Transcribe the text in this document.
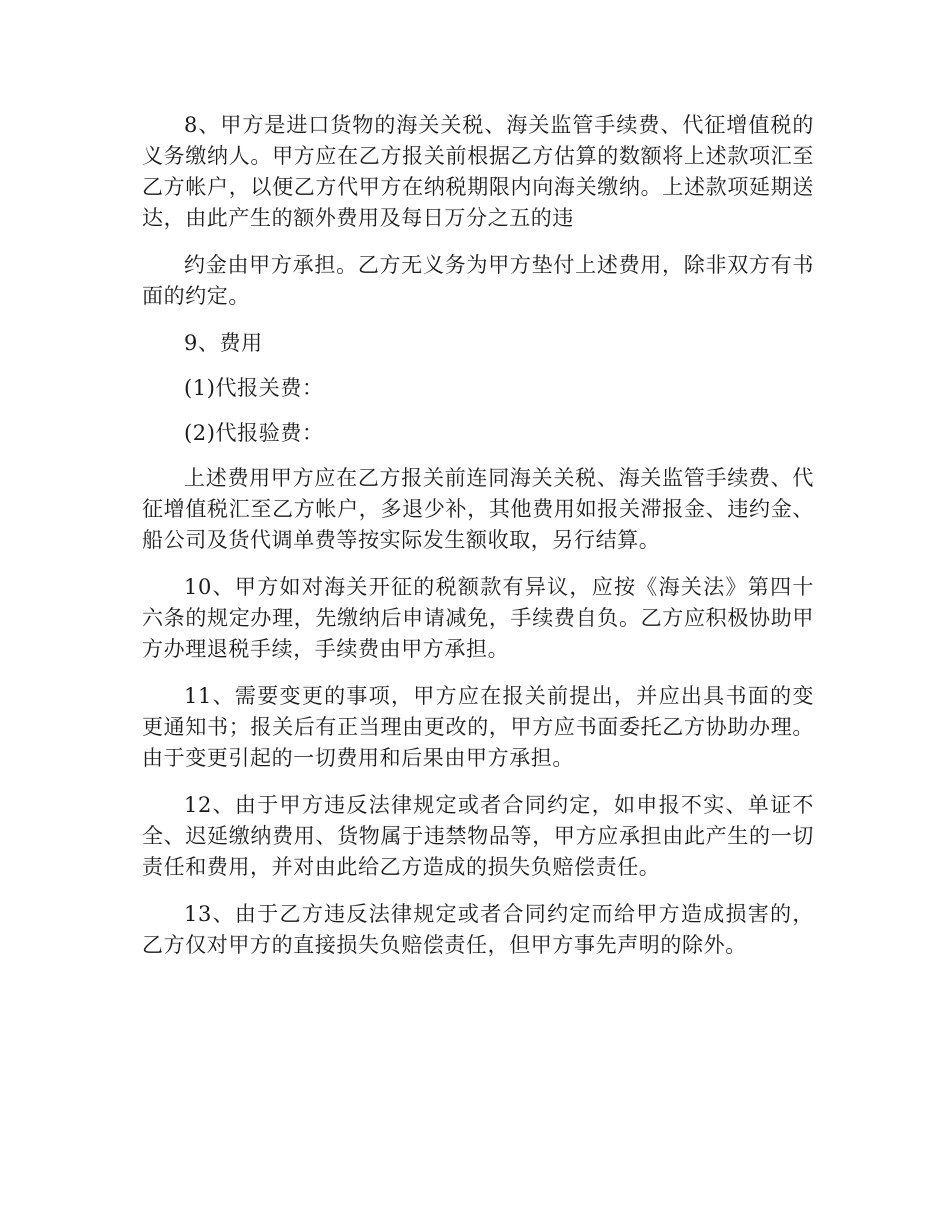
8、甲方是进口货物的海关关税、海关监管手续费、代征增值税的义务缴纳人。甲方应在乙方报关前根据乙方估算的数额将上述款项汇至乙方帐户，以便乙方代甲方在纳税期限内向海关缴纳。上述款项延期送达，由此产生的额外费用及每日万分之五的违

约金由甲方承担。乙方无义务为甲方垫付上述费用，除非双方有书面的约定。

9、费用

(1)代报关费：

(2)代报验费：

上述费用甲方应在乙方报关前连同海关关税、海关监管手续费、代征增值税汇至乙方帐户，多退少补，其他费用如报关滞报金、违约金、船公司及货代调单费等按实际发生额收取，另行结算。

10、甲方如对海关开征的税额款有异议，应按《海关法》第四十六条的规定办理，先缴纳后申请减免，手续费自负。乙方应积极协助甲方办理退税手续，手续费由甲方承担。

11、需要变更的事项，甲方应在报关前提出，并应出具书面的变更通知书；报关后有正当理由更改的，甲方应书面委托乙方协助办理。由于变更引起的一切费用和后果由甲方承担。

12、由于甲方违反法律规定或者合同约定，如申报不实、单证不全、迟延缴纳费用、货物属于违禁物品等，甲方应承担由此产生的一切责任和费用，并对由此给乙方造成的损失负赔偿责任。

13、由于乙方违反法律规定或者合同约定而给甲方造成损害的，乙方仅对甲方的直接损失负赔偿责任，但甲方事先声明的除外。
